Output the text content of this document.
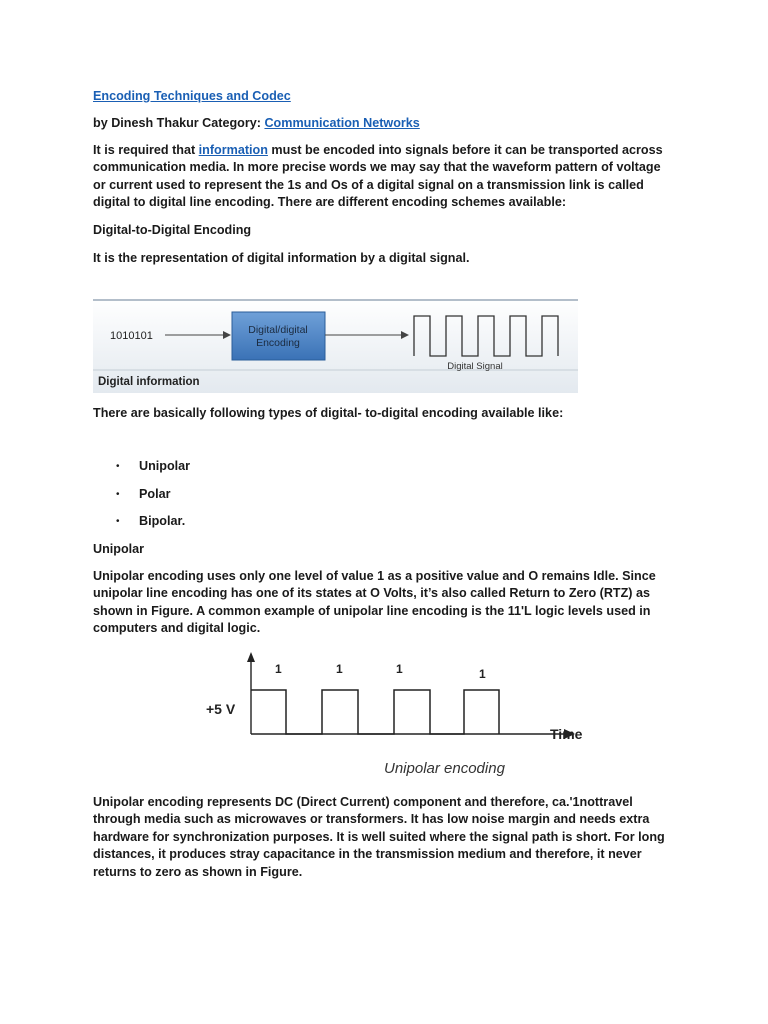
Encoding Techniques and Codec

by Dinesh Thakur Category: Communication Networks

It is required that information must be encoded into signals before it can be transported across communication media. In more precise words we may say that the waveform pattern of voltage or current used to represent the 1s and Os of a digital signal on a transmission link is called digital to digital line encoding. There are different encoding schemes available:

Digital-to-Digital Encoding

It is the representation of digital information by a digital signal.

1010101	Digital/digital
Encoding
Digital Signal
Digital information

There are basically following types of digital- to-digital encoding available like:

•	Unipolar
•	Polar
•	Bipolar.

Unipolar

Unipolar encoding uses only one level of value 1 as a positive value and O remains Idle. Since unipolar line encoding has one of its states at O Volts, it’s also called Return to Zero (RTZ) as shown in Figure. A common example of unipolar line encoding is the 11'L logic levels used in computers and digital logic.

1	1	1	1
+5 V
Time
Unipolar encoding

Unipolar encoding represents DC (Direct Current) component and therefore, ca.'1nottravel through media such as microwaves or transformers. It has low noise margin and needs extra hardware for synchronization purposes. It is well suited where the signal path is short. For long distances, it produces stray capacitance in the transmission medium and therefore, it never returns to zero as shown in Figure.
